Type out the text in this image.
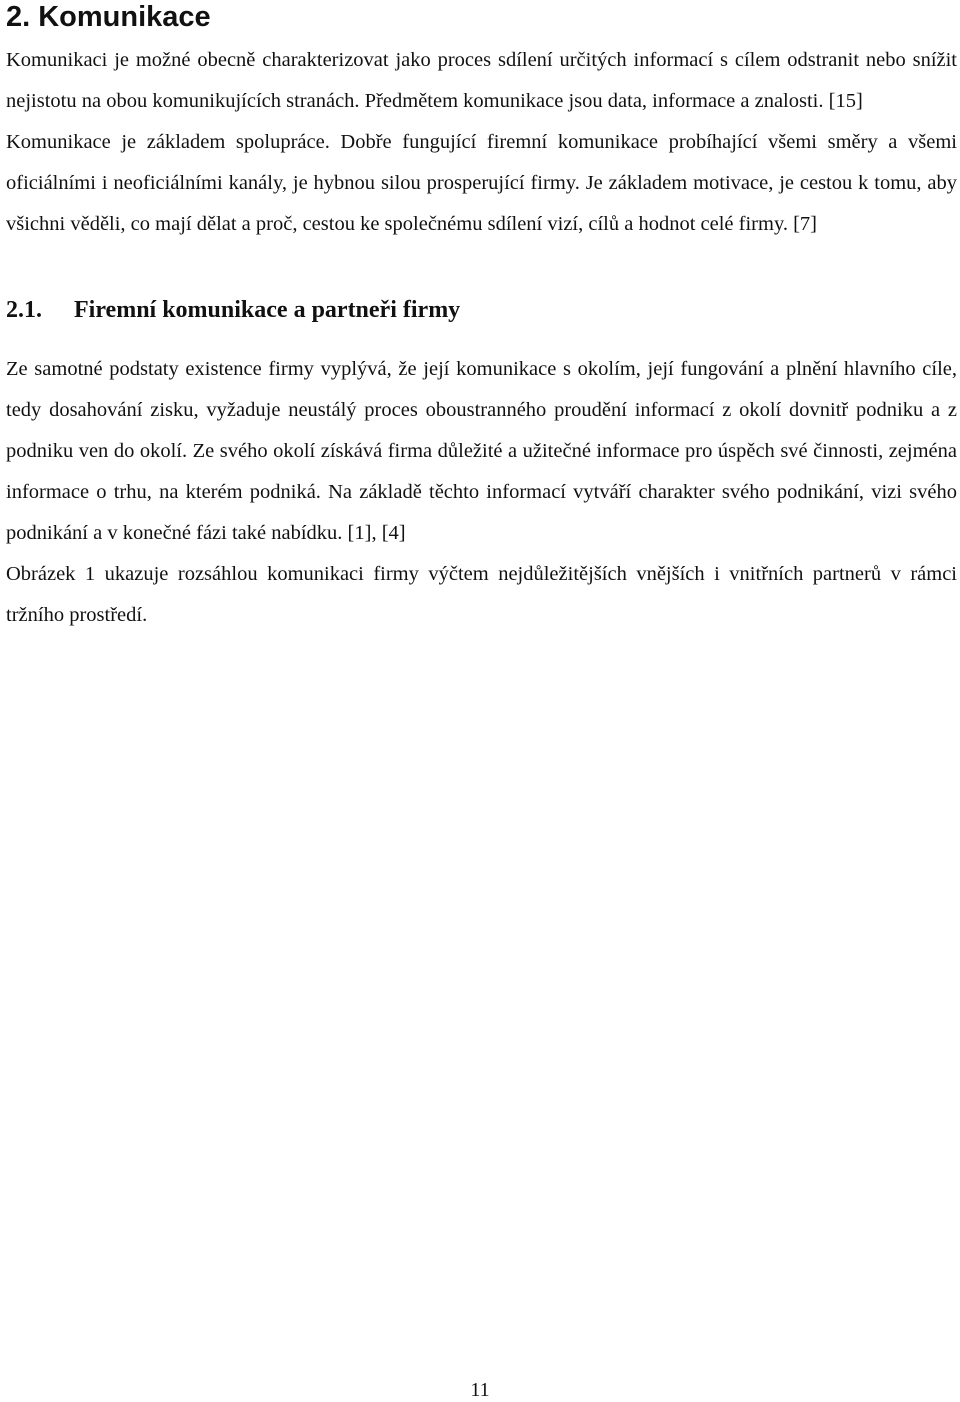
2. Komunikace

Komunikaci je možné obecně charakterizovat jako proces sdílení určitých informací s cílem odstranit nebo snížit nejistotu na obou komunikujících stranách. Předmětem komunikace jsou data, informace a znalosti. [15]

Komunikace je základem spolupráce. Dobře fungující firemní komunikace probíhající všemi směry a všemi oficiálními i neoficiálními kanály, je hybnou silou prosperující firmy. Je základem motivace, je cestou k tomu, aby všichni věděli, co mají dělat a proč, cestou ke společnému sdílení vizí, cílů a hodnot celé firmy. [7]

2.1.	Firemní komunikace a partneři firmy

Ze samotné podstaty existence firmy vyplývá, že její komunikace s okolím, její fungování a plnění hlavního cíle, tedy dosahování zisku, vyžaduje neustálý proces oboustranného proudění informací z okolí dovnitř podniku a z podniku ven do okolí. Ze svého okolí získává firma důležité a užitečné informace pro úspěch své činnosti, zejména informace o trhu, na kterém podniká. Na základě těchto informací vytváří charakter svého podnikání, vizi svého podnikání a v konečné fázi také nabídku. [1], [4]

Obrázek 1 ukazuje rozsáhlou komunikaci firmy výčtem nejdůležitějších vnějších i vnitřních partnerů v rámci tržního prostředí.

11
